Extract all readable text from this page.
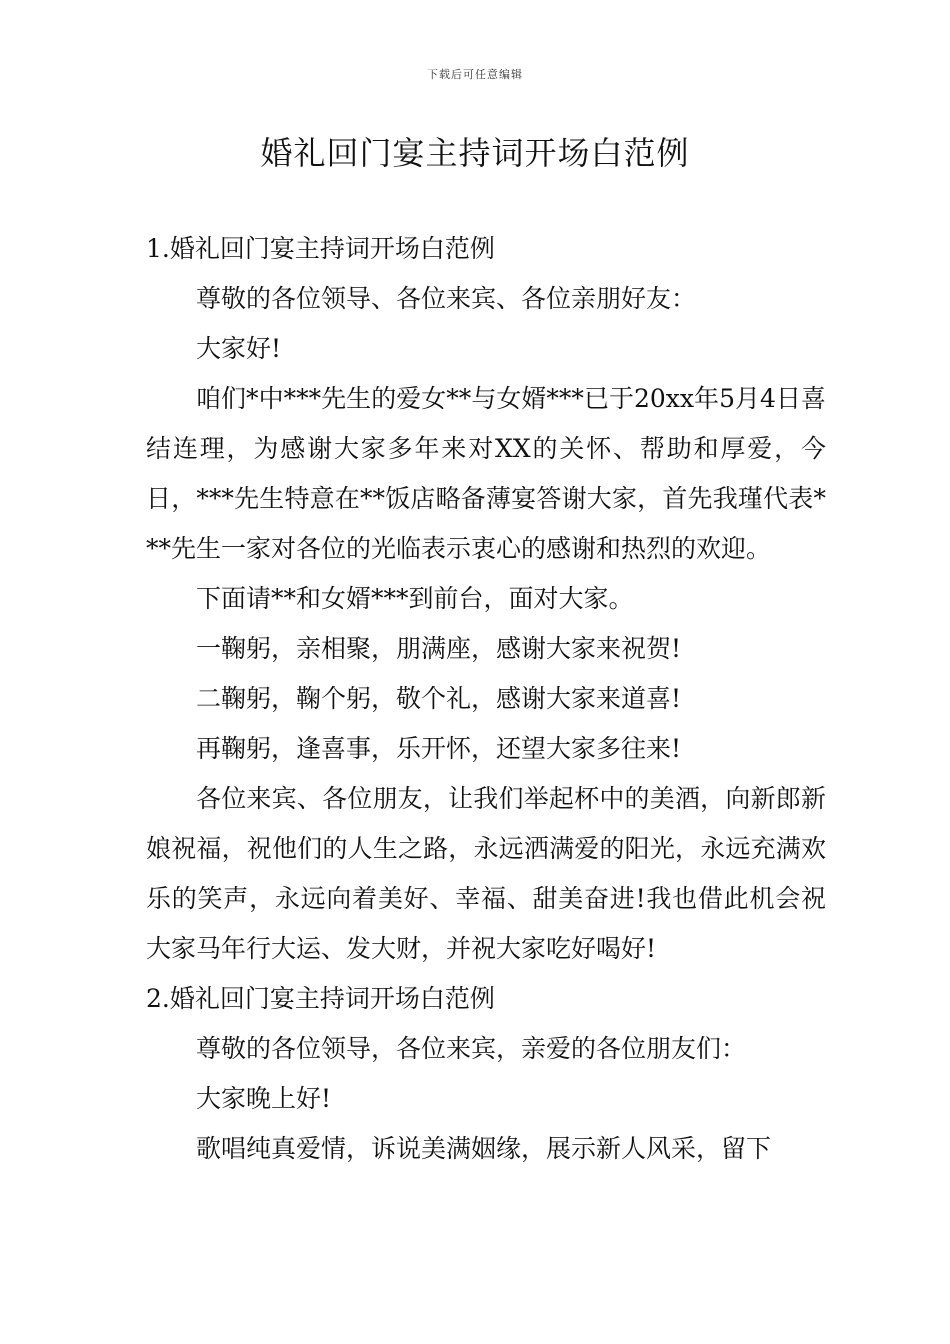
下载后可任意编辑
婚礼回门宴主持词开场白范例

1.婚礼回门宴主持词开场白范例

尊敬的各位领导、各位来宾、各位亲朋好友：

大家好!

咱们*中***先生的爱女**与女婿***已于20xx年5月4日喜结连理，为感谢大家多年来对XX的关怀、帮助和厚爱，今日，***先生特意在**饭店略备薄宴答谢大家，首先我瑾代表***先生一家对各位的光临表示衷心的感谢和热烈的欢迎。

下面请**和女婿***到前台，面对大家。

一鞠躬，亲相聚，朋满座，感谢大家来祝贺!

二鞠躬，鞠个躬，敬个礼，感谢大家来道喜!

再鞠躬，逢喜事，乐开怀，还望大家多往来!

各位来宾、各位朋友，让我们举起杯中的美酒，向新郎新娘祝福，祝他们的人生之路，永远洒满爱的阳光，永远充满欢乐的笑声，永远向着美好、幸福、甜美奋进!我也借此机会祝大家马年行大运、发大财，并祝大家吃好喝好!

2.婚礼回门宴主持词开场白范例

尊敬的各位领导，各位来宾，亲爱的各位朋友们：

大家晚上好!

歌唱纯真爱情，诉说美满姻缘，展示新人风采，留下
